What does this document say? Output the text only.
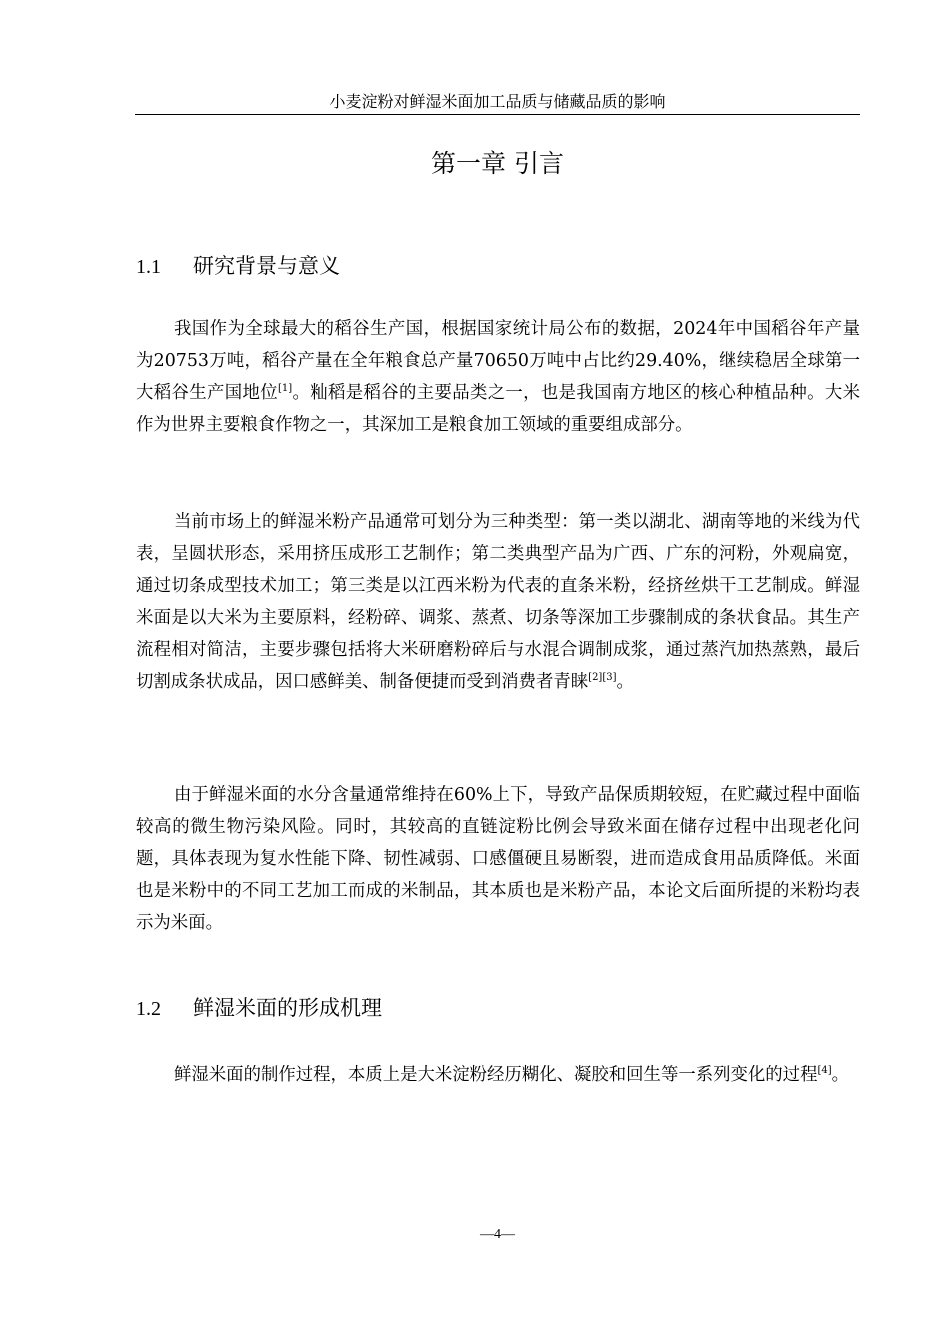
小麦淀粉对鲜湿米面加工品质与储藏品质的影响
第一章 引言
1.1 研究背景与意义

我国作为全球最大的稻谷生产国，根据国家统计局公布的数据，2024年中国稻谷年产量为20753万吨，稻谷产量在全年粮食总产量70650万吨中占比约29.40%，继续稳居全球第一大稻谷生产国地位[1]。籼稻是稻谷的主要品类之一，也是我国南方地区的核心种植品种。大米作为世界主要粮食作物之一，其深加工是粮食加工领域的重要组成部分。

当前市场上的鲜湿米粉产品通常可划分为三种类型：第一类以湖北、湖南等地的米线为代表，呈圆状形态，采用挤压成形工艺制作；第二类典型产品为广西、广东的河粉，外观扁宽，通过切条成型技术加工；第三类是以江西米粉为代表的直条米粉，经挤丝烘干工艺制成。鲜湿米面是以大米为主要原料，经粉碎、调浆、蒸煮、切条等深加工步骤制成的条状食品。其生产流程相对简洁，主要步骤包括将大米研磨粉碎后与水混合调制成浆，通过蒸汽加热蒸熟，最后切割成条状成品，因口感鲜美、制备便捷而受到消费者青睐[2][3]。

由于鲜湿米面的水分含量通常维持在60%上下，导致产品保质期较短，在贮藏过程中面临较高的微生物污染风险。同时，其较高的直链淀粉比例会导致米面在储存过程中出现老化问题，具体表现为复水性能下降、韧性减弱、口感僵硬且易断裂，进而造成食用品质降低。米面也是米粉中的不同工艺加工而成的米制品，其本质也是米粉产品，本论文后面所提的米粉均表示为米面。

1.2 鲜湿米面的形成机理

鲜湿米面的制作过程，本质上是大米淀粉经历糊化、凝胶和回生等一系列变化的过程[4]。

—4—
